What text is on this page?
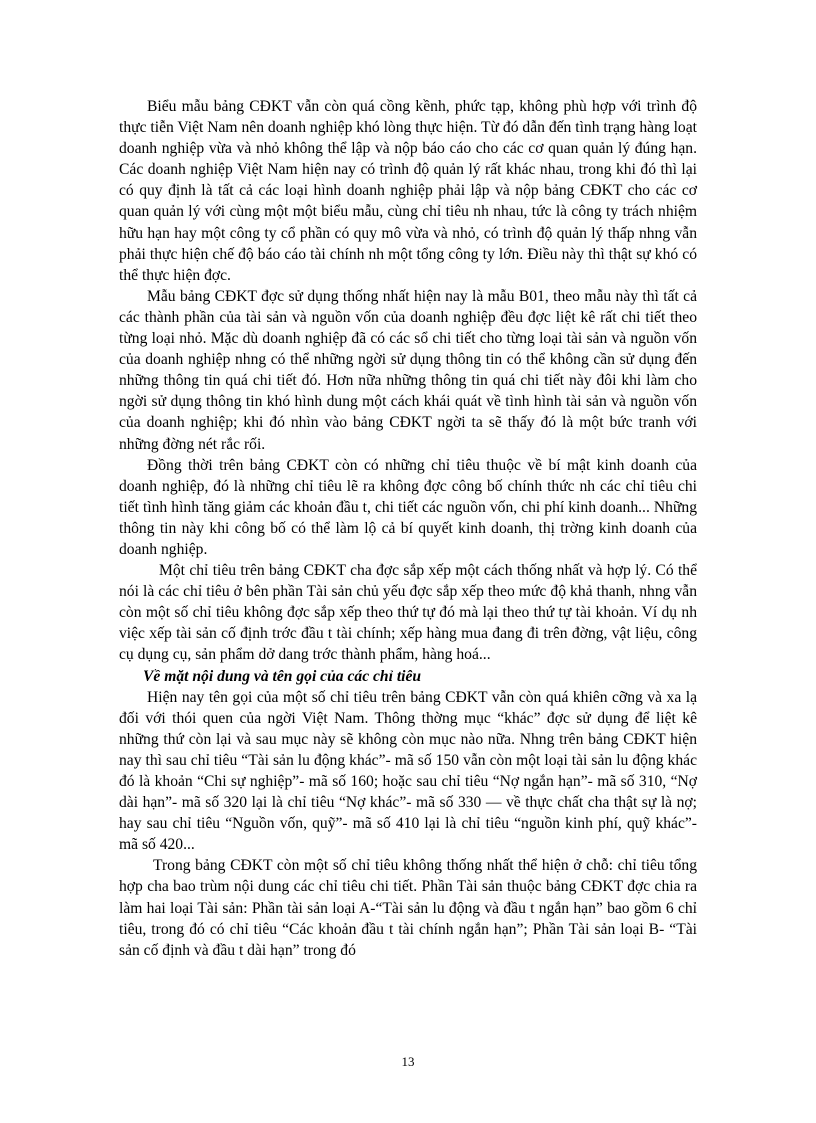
Biểu mẫu bảng CĐKT vẫn còn quá cồng kềnh, phức tạp, không phù hợp với trình độ thực tiễn Việt Nam nên doanh nghiệp khó lòng thực hiện. Từ đó dẫn đến tình trạng hàng loạt doanh nghiệp vừa và nhỏ không thể lập và nộp báo cáo cho các cơ quan quản lý đúng hạn. Các doanh nghiệp Việt Nam hiện nay có trình độ quản lý rất khác nhau, trong khi đó thì lại có quy định là tất cả các loại hình doanh nghiệp phải lập và nộp bảng CĐKT cho các cơ quan quản lý với cùng một một biểu mẫu, cùng chỉ tiêu nh nhau, tức là công ty trách nhiệm hữu hạn hay một công ty cổ phần có quy mô vừa và nhỏ, có trình độ quản lý thấp nhng vẫn phải thực hiện chế độ báo cáo tài chính nh một tổng công ty lớn. Điều này thì thật sự khó có thể thực hiện đợc.

Mẫu bảng CĐKT đợc sử dụng thống nhất hiện nay là mẫu B01, theo mẫu này thì tất cả các thành phần của tài sản và nguồn vốn của doanh nghiệp đều đợc liệt kê rất chi tiết theo từng loại nhỏ. Mặc dù doanh nghiệp đã có các sổ chi tiết cho từng loại tài sản và nguồn vốn của doanh nghiệp nhng có thể những ngời sử dụng thông tin có thể không cần sử dụng đến những thông tin quá chi tiết đó. Hơn nữa những thông tin quá chi tiết này đôi khi làm cho ngời sử dụng thông tin khó hình dung một cách khái quát về tình hình tài sản và nguồn vốn của doanh nghiệp; khi đó nhìn vào bảng CĐKT ngời ta sẽ thấy đó là một bức tranh với những đờng nét rắc rối.

Đồng thời trên bảng CĐKT còn có những chỉ tiêu thuộc về bí mật kinh doanh của doanh nghiệp, đó là những chỉ tiêu lẽ ra không đợc công bố chính thức nh các chỉ tiêu chi tiết tình hình tăng giảm các khoản đầu t, chi tiết các nguồn vốn, chi phí kinh doanh... Những thông tin này khi công bố có thể làm lộ cả bí quyết kinh doanh, thị trờng kinh doanh của doanh nghiệp.

Một chỉ tiêu trên bảng CĐKT cha đợc sắp xếp một cách thống nhất và hợp lý. Có thể nói là các chỉ tiêu ở bên phần Tài sản chủ yếu đợc sắp xếp theo mức độ khả thanh, nhng vẫn còn một số chỉ tiêu không đợc sắp xếp theo thứ tự đó mà lại theo thứ tự tài khoản. Ví dụ nh việc xếp tài sản cố định trớc đầu t tài chính; xếp hàng mua đang đi trên đờng, vật liệu, công cụ dụng cụ, sản phẩm dở dang trớc thành phẩm, hàng hoá...

Về mặt nội dung và tên gọi của các chỉ tiêu

Hiện nay tên gọi của một số chỉ tiêu trên bảng CĐKT vẫn còn quá khiên cỡng và xa lạ đối với thói quen của ngời Việt Nam. Thông thờng mục “khác” đợc sử dụng để liệt kê những thứ còn lại và sau mục này sẽ không còn mục nào nữa. Nhng trên bảng CĐKT hiện nay thì sau chỉ tiêu “Tài sản lu động khác”- mã số 150 vẫn còn một loại tài sản lu động khác đó là khoản “Chi sự nghiệp”- mã số 160; hoặc sau chỉ tiêu “Nợ ngắn hạn”- mã số 310, “Nợ dài hạn”- mã số 320 lại là chỉ tiêu “Nợ khác”- mã số 330 — về thực chất cha thật sự là nợ; hay sau chỉ tiêu “Nguồn vốn, quỹ”- mã số 410 lại là chỉ tiêu “nguồn kinh phí, quỹ khác”- mã số 420...

Trong bảng CĐKT còn một số chỉ tiêu không thống nhất thể hiện ở chỗ: chỉ tiêu tổng hợp cha bao trùm nội dung các chỉ tiêu chi tiết. Phần Tài sản thuộc bảng CĐKT đợc chia ra làm hai loại Tài sản: Phần tài sản loại A-“Tài sản lu động và đầu t ngắn hạn” bao gồm 6 chỉ tiêu, trong đó có chỉ tiêu “Các khoản đầu t tài chính ngắn hạn”; Phần Tài sản loại B- “Tài sản cố định và đầu t dài hạn” trong đó

13
